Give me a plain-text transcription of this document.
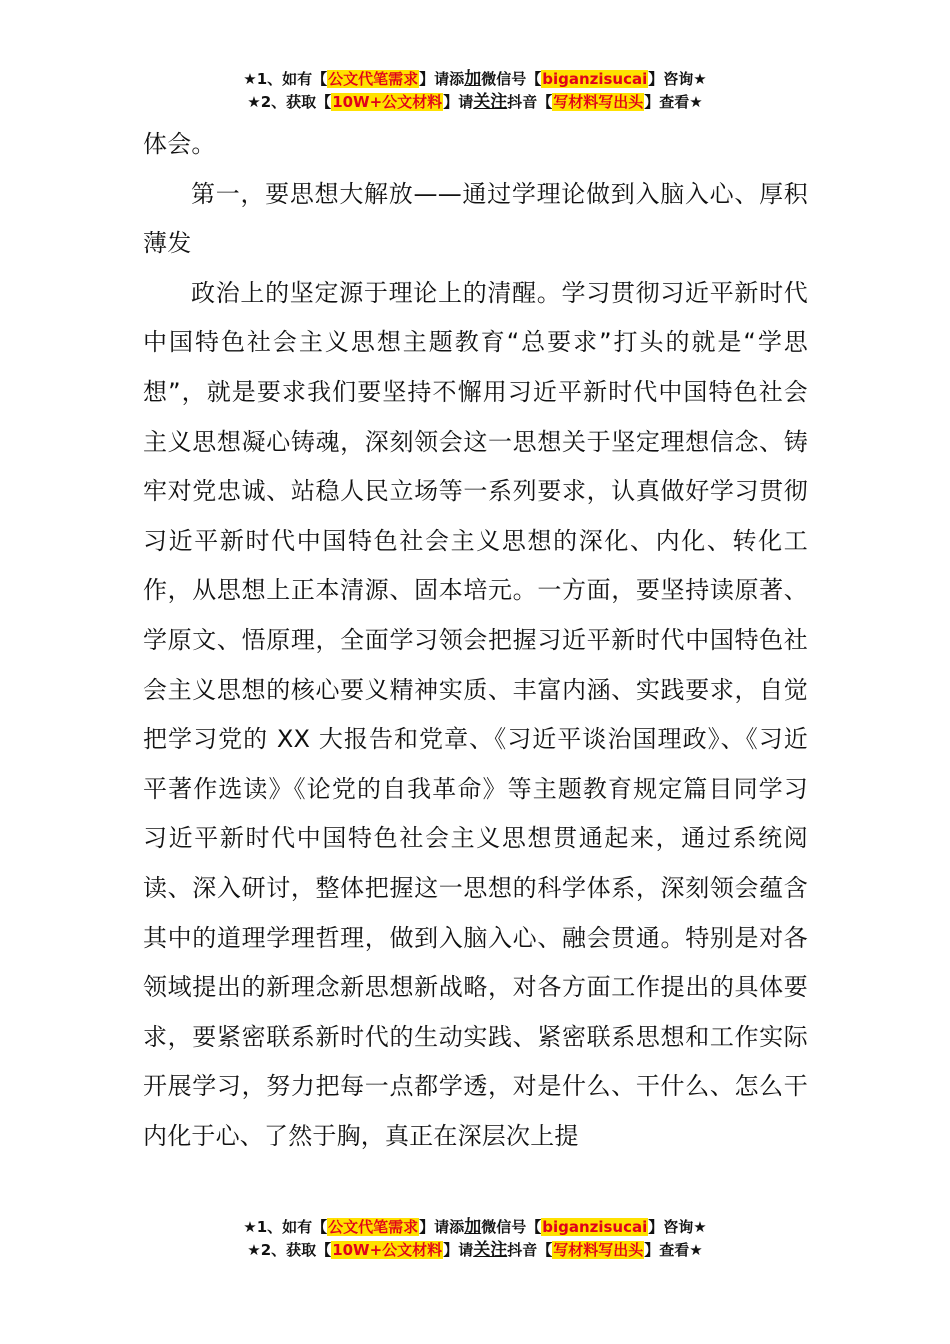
★1、如有【公文代笔需求】请添加微信号【biganzisucai】咨询★
★2、获取【10W+公文材料】请关注抖音【写材料写出头】查看★

体会。

第一，要思想大解放——通过学理论做到入脑入心、厚积薄发

政治上的坚定源于理论上的清醒。学习贯彻习近平新时代中国特色社会主义思想主题教育“总要求”打头的就是“学思想”，就是要求我们要坚持不懈用习近平新时代中国特色社会主义思想凝心铸魂，深刻领会这一思想关于坚定理想信念、铸牢对党忠诚、站稳人民立场等一系列要求，认真做好学习贯彻习近平新时代中国特色社会主义思想的深化、内化、转化工作，从思想上正本清源、固本培元。一方面，要坚持读原著、学原文、悟原理，全面学习领会把握习近平新时代中国特色社会主义思想的核心要义精神实质、丰富内涵、实践要求，自觉把学习党的 XX 大报告和党章、《习近平谈治国理政》、《习近平著作选读》《论党的自我革命》等主题教育规定篇目同学习习近平新时代中国特色社会主义思想贯通起来，通过系统阅读、深入研讨，整体把握这一思想的科学体系，深刻领会蕴含其中的道理学理哲理，做到入脑入心、融会贯通。特别是对各领域提出的新理念新思想新战略，对各方面工作提出的具体要求，要紧密联系新时代的生动实践、紧密联系思想和工作实际开展学习，努力把每一点都学透，对是什么、干什么、怎么干内化于心、了然于胸，真正在深层次上提

★1、如有【公文代笔需求】请添加微信号【biganzisucai】咨询★
★2、获取【10W+公文材料】请关注抖音【写材料写出头】查看★
